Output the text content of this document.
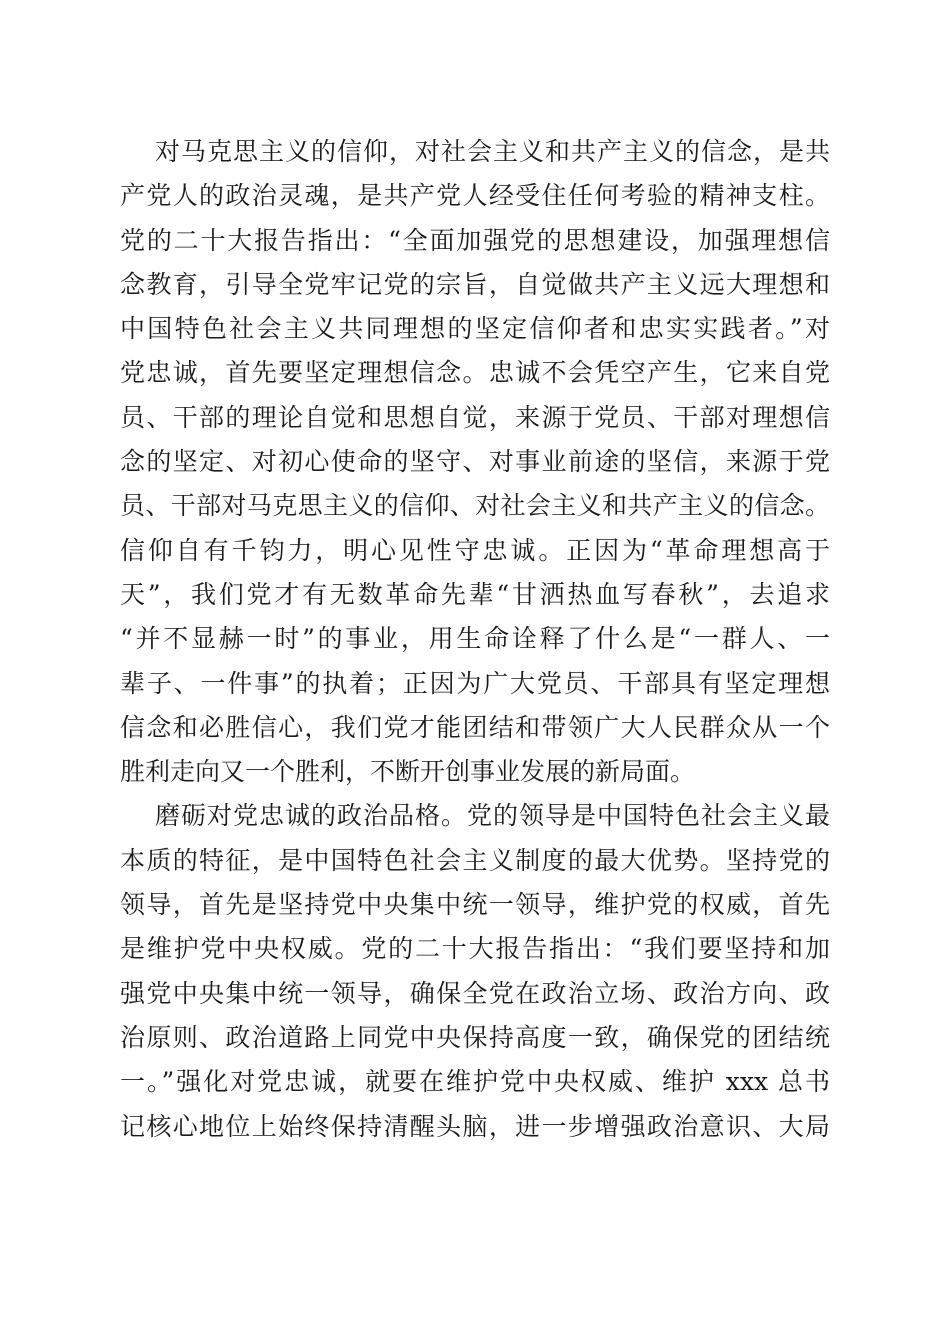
对马克思主义的信仰，对社会主义和共产主义的信念，是共
产党人的政治灵魂，是共产党人经受住任何考验的精神支柱。
党的二十大报告指出：“全面加强党的思想建设，加强理想信
念教育，引导全党牢记党的宗旨，自觉做共产主义远大理想和
中国特色社会主义共同理想的坚定信仰者和忠实实践者。”对
党忠诚，首先要坚定理想信念。忠诚不会凭空产生，它来自党
员、干部的理论自觉和思想自觉，来源于党员、干部对理想信
念的坚定、对初心使命的坚守、对事业前途的坚信，来源于党
员、干部对马克思主义的信仰、对社会主义和共产主义的信念。
信仰自有千钧力，明心见性守忠诚。正因为“革命理想高于
天”，我们党才有无数革命先辈“甘洒热血写春秋”，去追求
“并不显赫一时”的事业，用生命诠释了什么是“一群人、一
辈子、一件事”的执着；正因为广大党员、干部具有坚定理想
信念和必胜信心，我们党才能团结和带领广大人民群众从一个
胜利走向又一个胜利，不断开创事业发展的新局面。
磨砺对党忠诚的政治品格。党的领导是中国特色社会主义最
本质的特征，是中国特色社会主义制度的最大优势。坚持党的
领导，首先是坚持党中央集中统一领导，维护党的权威，首先
是维护党中央权威。党的二十大报告指出：“我们要坚持和加
强党中央集中统一领导，确保全党在政治立场、政治方向、政
治原则、政治道路上同党中央保持高度一致，确保党的团结统
一。”强化对党忠诚，就要在维护党中央权威、维护 xxx 总书
记核心地位上始终保持清醒头脑，进一步增强政治意识、大局
